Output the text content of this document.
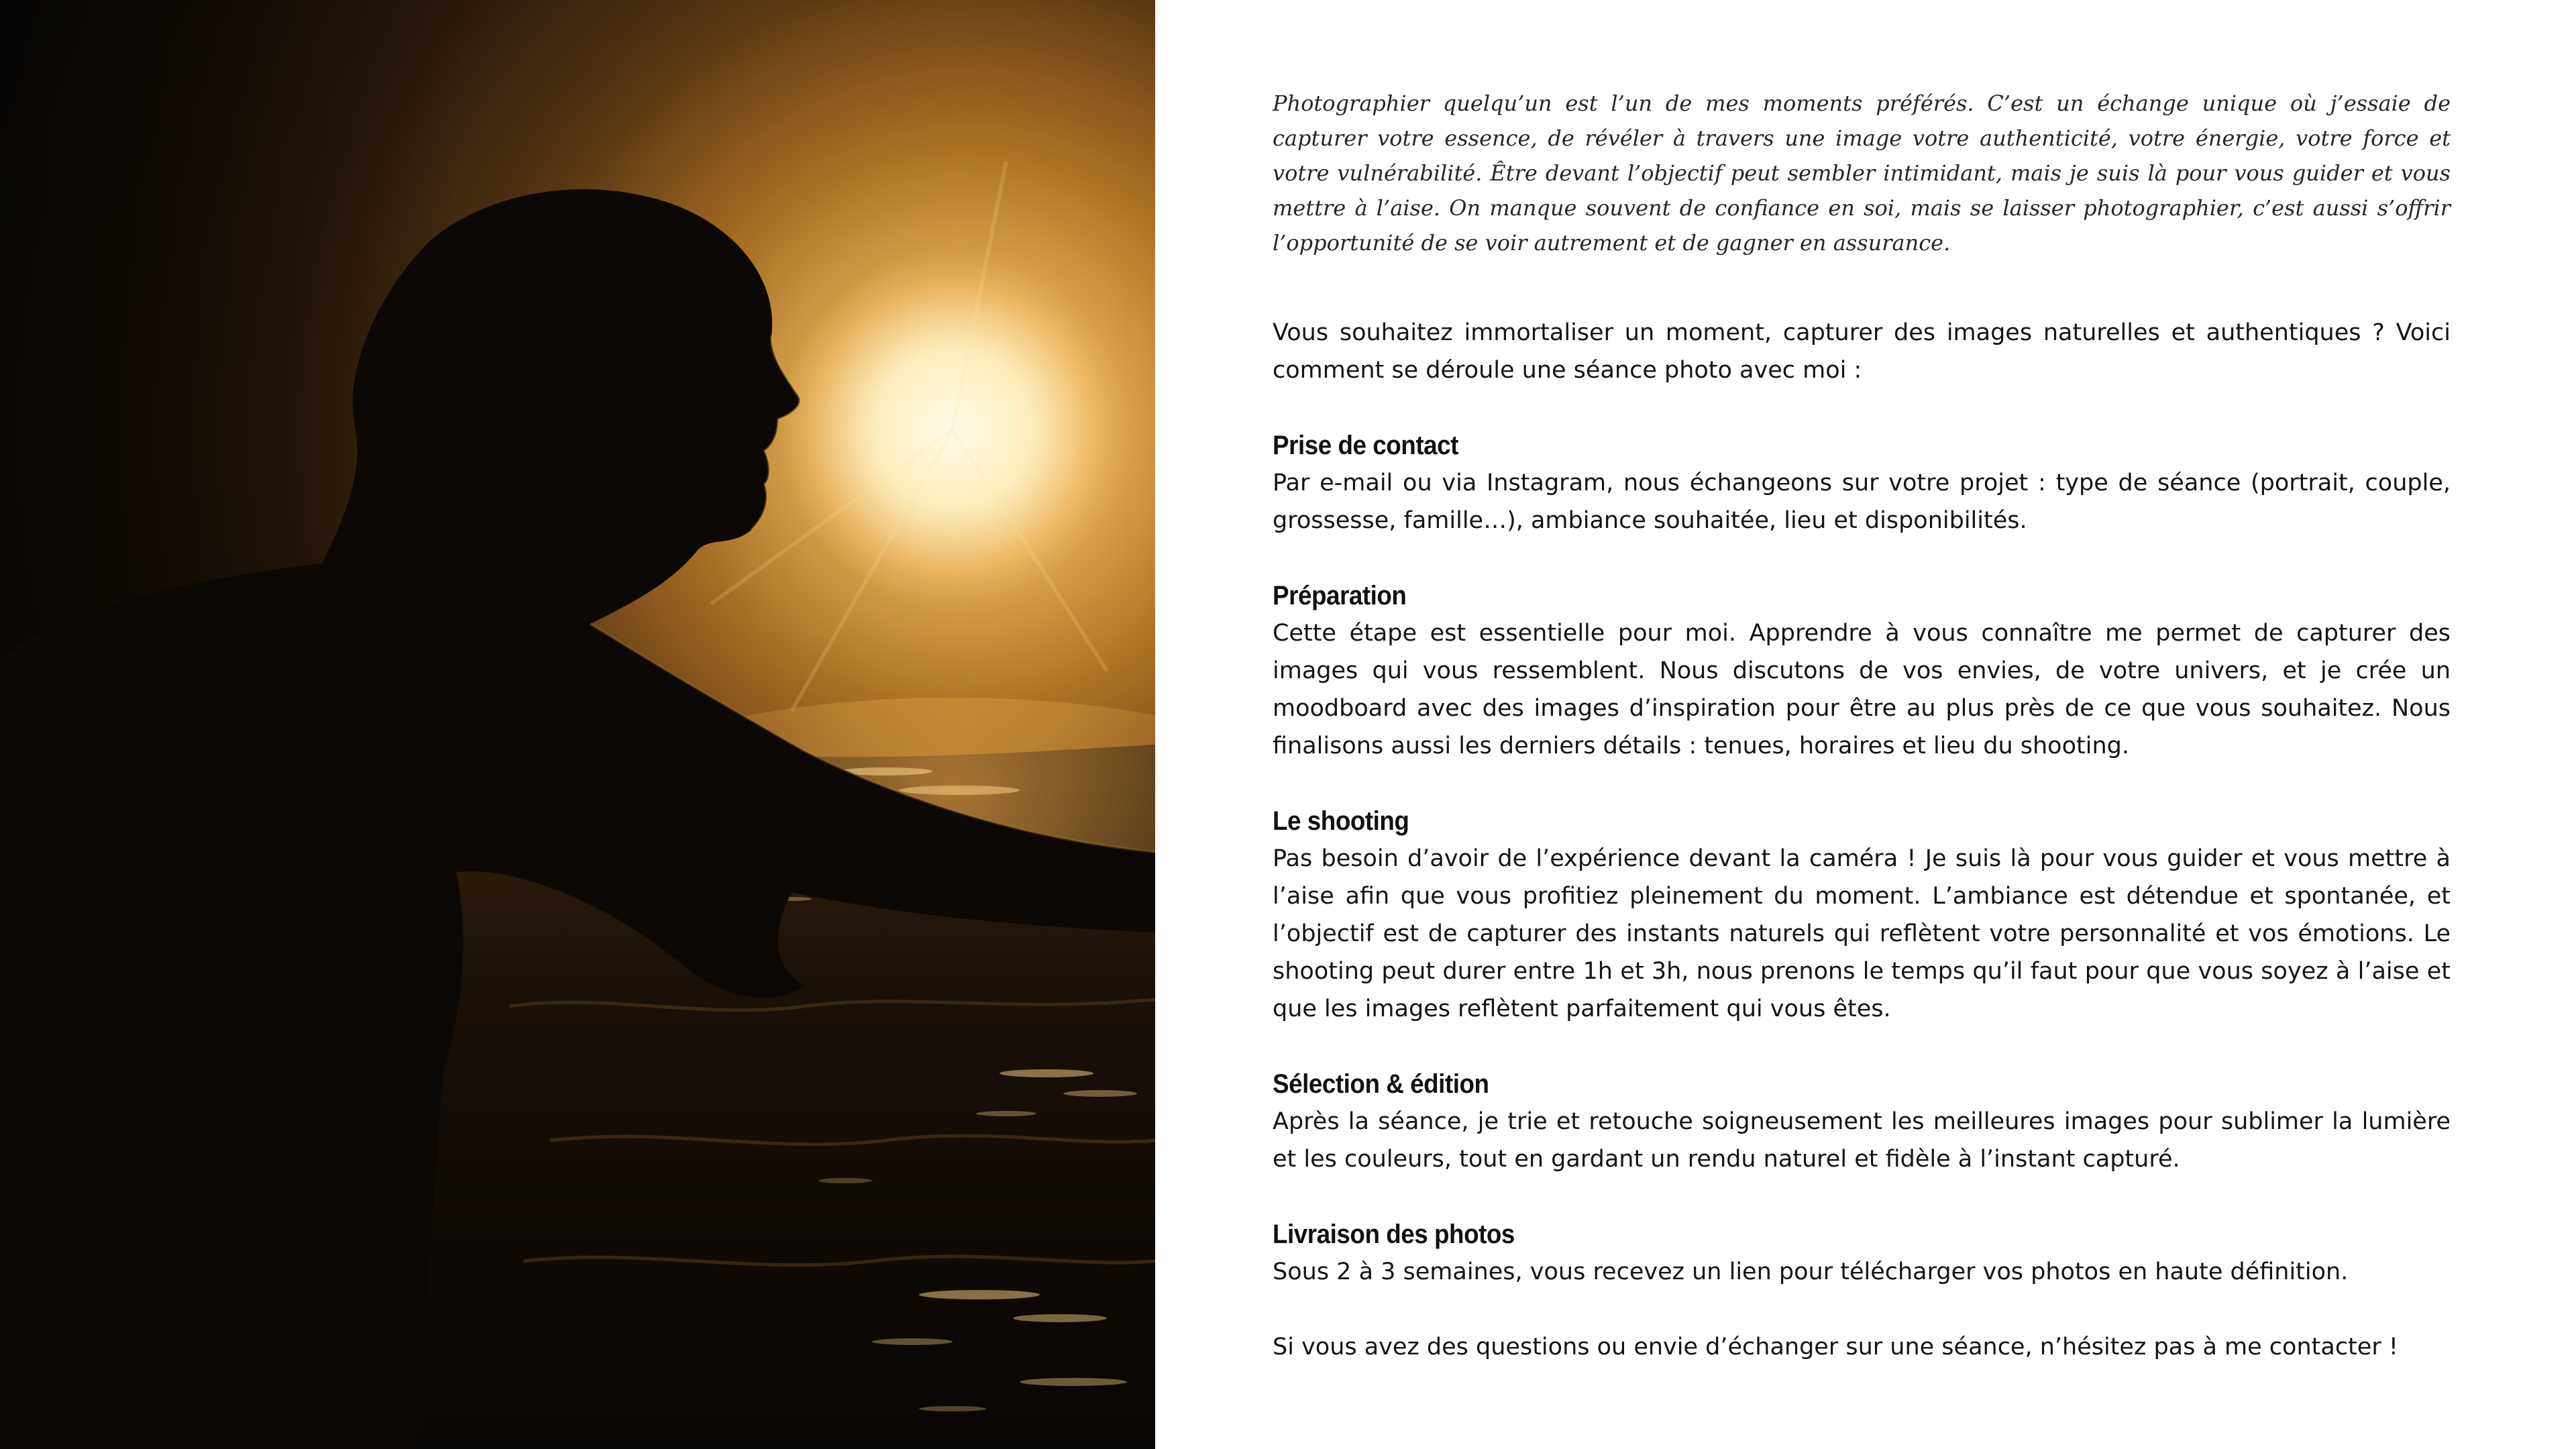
Photographier quelqu’un est l’un de mes moments préférés. C’est un échange unique où j’essaie de capturer votre essence, de révéler à travers une image votre authenticité, votre énergie, votre force et votre vulnérabilité. Être devant l’objectif peut sembler intimidant, mais je suis là pour vous guider et vous mettre à l’aise. On manque souvent de confiance en soi, mais se laisser photographier, c’est aussi s’offrir l’opportunité de se voir autrement et de gagner en assurance.

Vous souhaitez immortaliser un moment, capturer des images naturelles et authentiques ? Voici comment se déroule une séance photo avec moi :

Prise de contact

Par e-mail ou via Instagram, nous échangeons sur votre projet : type de séance (portrait, couple, grossesse, famille…), ambiance souhaitée, lieu et disponibilités.

Préparation

Cette étape est essentielle pour moi. Apprendre à vous connaître me permet de capturer des images qui vous ressemblent. Nous discutons de vos envies, de votre univers, et je crée un moodboard avec des images d’inspiration pour être au plus près de ce que vous souhaitez. Nous finalisons aussi les derniers détails : tenues, horaires et lieu du shooting.

Le shooting

Pas besoin d’avoir de l’expérience devant la caméra ! Je suis là pour vous guider et vous mettre à l’aise afin que vous profitiez pleinement du moment. L’ambiance est détendue et spontanée, et l’objectif est de capturer des instants naturels qui reflètent votre personnalité et vos émotions. Le shooting peut durer entre 1h et 3h, nous prenons le temps qu’il faut pour que vous soyez à l’aise et que les images reflètent parfaitement qui vous êtes.

Sélection & édition

Après la séance, je trie et retouche soigneusement les meilleures images pour sublimer la lumière et les couleurs, tout en gardant un rendu naturel et fidèle à l’instant capturé.

Livraison des photos

Sous 2 à 3 semaines, vous recevez un lien pour télécharger vos photos en haute définition.

Si vous avez des questions ou envie d’échanger sur une séance, n’hésitez pas à me contacter !
